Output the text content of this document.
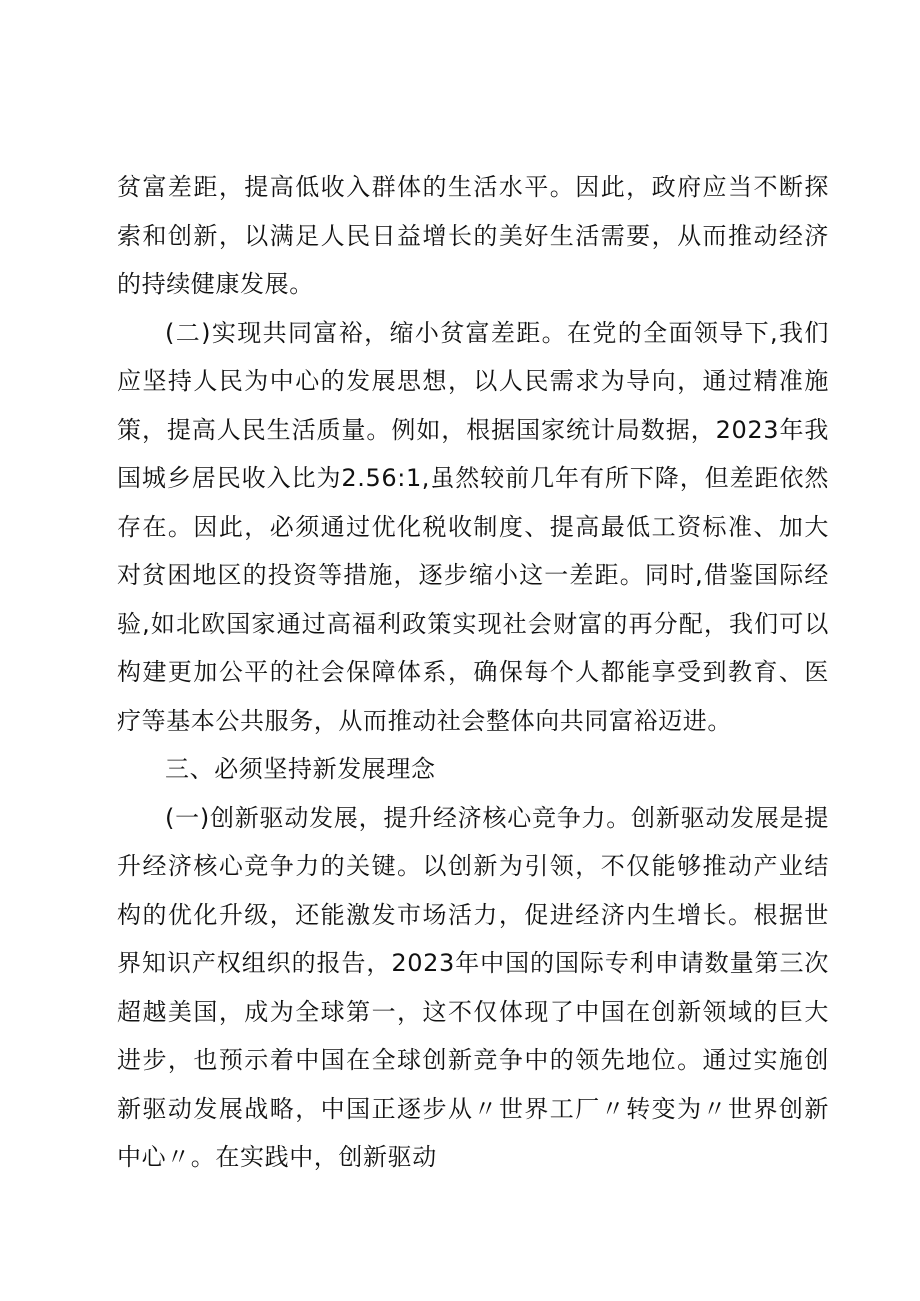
贫富差距，提高低收入群体的生活水平。因此，政府应当不断探索和创新，以满足人民日益增长的美好生活需要，从而推动经济的持续健康发展。

(二)实现共同富裕，缩小贫富差距。在党的全面领导下,我们应坚持人民为中心的发展思想，以人民需求为导向，通过精准施策，提高人民生活质量。例如，根据国家统计局数据，2023年我国城乡居民收入比为2.56:1,虽然较前几年有所下降，但差距依然存在。因此，必须通过优化税收制度、提高最低工资标准、加大对贫困地区的投资等措施，逐步缩小这一差距。同时,借鉴国际经验,如北欧国家通过高福利政策实现社会财富的再分配，我们可以构建更加公平的社会保障体系，确保每个人都能享受到教育、医疗等基本公共服务，从而推动社会整体向共同富裕迈进。

三、必须坚持新发展理念

(一)创新驱动发展，提升经济核心竞争力。创新驱动发展是提升经济核心竞争力的关键。以创新为引领，不仅能够推动产业结构的优化升级，还能激发市场活力，促进经济内生增长。根据世界知识产权组织的报告，2023年中国的国际专利申请数量第三次超越美国，成为全球第一，这不仅体现了中国在创新领域的巨大进步，也预示着中国在全球创新竞争中的领先地位。通过实施创新驱动发展战略，中国正逐步从〃世界工厂〃转变为〃世界创新中心〃。在实践中，创新驱动
